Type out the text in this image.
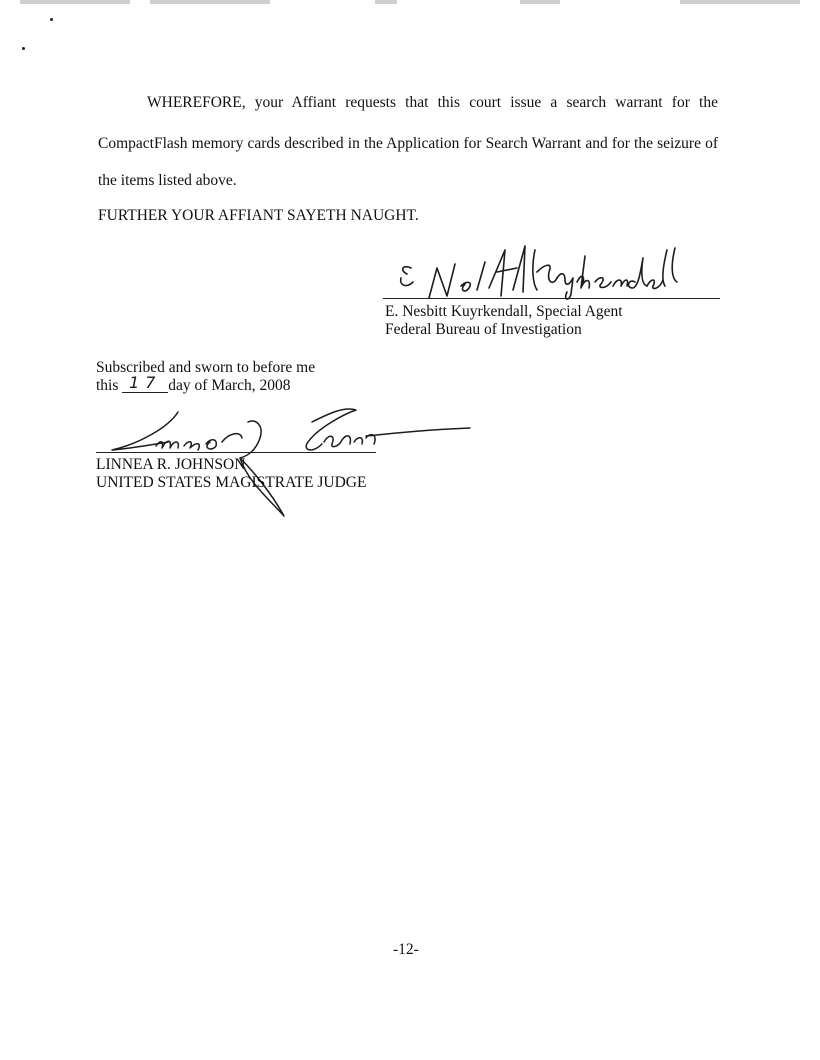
WHEREFORE, your Affiant requests that this court issue a search warrant for the
CompactFlash memory cards described in the Application for Search Warrant and for the seizure of
the items listed above.
FURTHER YOUR AFFIANT SAYETH NAUGHT.
E. Nesbitt Kuyrkendall, Special Agent
Federal Bureau of Investigation
Subscribed and sworn to before me
this 17 day of March, 2008
LINNEA R. JOHNSON
UNITED STATES MAGISTRATE JUDGE
-12-
